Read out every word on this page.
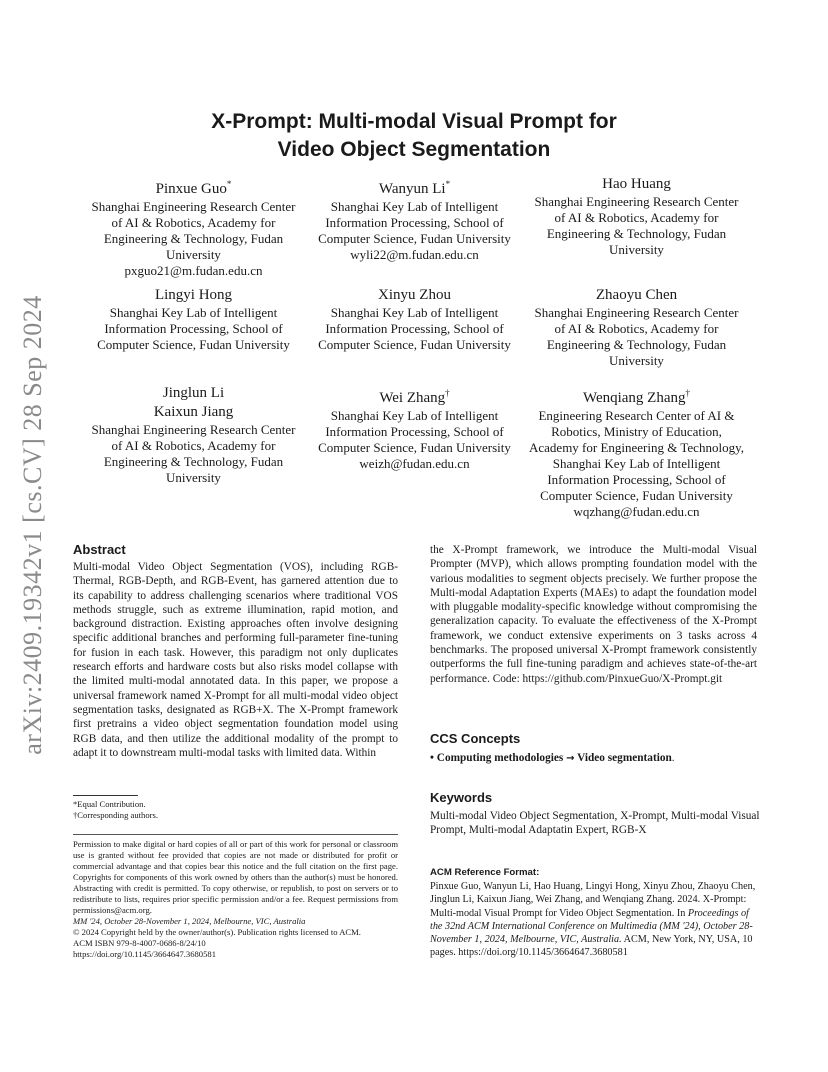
arXiv:2409.19342v1 [cs.CV] 28 Sep 2024
X-Prompt: Multi-modal Visual Prompt for
Video Object Segmentation
Pinxue Guo*
Shanghai Engineering Research Center of AI & Robotics, Academy for Engineering & Technology, Fudan University
pxguo21@m.fudan.edu.cn
Wanyun Li*
Shanghai Key Lab of Intelligent Information Processing, School of Computer Science, Fudan University
wyli22@m.fudan.edu.cn
Hao Huang
Shanghai Engineering Research Center of AI & Robotics, Academy for Engineering & Technology, Fudan University
Lingyi Hong
Shanghai Key Lab of Intelligent Information Processing, School of Computer Science, Fudan University
Xinyu Zhou
Shanghai Key Lab of Intelligent Information Processing, School of Computer Science, Fudan University
Zhaoyu Chen
Shanghai Engineering Research Center of AI & Robotics, Academy for Engineering & Technology, Fudan University
Jinglun Li
Kaixun Jiang
Shanghai Engineering Research Center of AI & Robotics, Academy for Engineering & Technology, Fudan University
Wei Zhang†
Shanghai Key Lab of Intelligent Information Processing, School of Computer Science, Fudan University
weizh@fudan.edu.cn
Wenqiang Zhang†
Engineering Research Center of AI & Robotics, Ministry of Education, Academy for Engineering & Technology, Shanghai Key Lab of Intelligent Information Processing, School of Computer Science, Fudan University
wqzhang@fudan.edu.cn
Abstract
Multi-modal Video Object Segmentation (VOS), including RGB-Thermal, RGB-Depth, and RGB-Event, has garnered attention due to its capability to address challenging scenarios where traditional VOS methods struggle, such as extreme illumination, rapid motion, and background distraction. Existing approaches often involve designing specific additional branches and performing full-parameter fine-tuning for fusion in each task. However, this paradigm not only duplicates research efforts and hardware costs but also risks model collapse with the limited multi-modal annotated data. In this paper, we propose a universal framework named X-Prompt for all multi-modal video object segmentation tasks, designated as RGB+X. The X-Prompt framework first pretrains a video object segmentation foundation model using RGB data, and then utilize the additional modality of the prompt to adapt it to downstream multi-modal tasks with limited data. Within
the X-Prompt framework, we introduce the Multi-modal Visual Prompter (MVP), which allows prompting foundation model with the various modalities to segment objects precisely. We further propose the Multi-modal Adaptation Experts (MAEs) to adapt the foundation model with pluggable modality-specific knowledge without compromising the generalization capacity. To evaluate the effectiveness of the X-Prompt framework, we conduct extensive experiments on 3 tasks across 4 benchmarks. The proposed universal X-Prompt framework consistently outperforms the full fine-tuning paradigm and achieves state-of-the-art performance. Code: https://github.com/PinxueGuo/X-Prompt.git
CCS Concepts
• Computing methodologies → Video segmentation.
Keywords
Multi-modal Video Object Segmentation, X-Prompt, Multi-modal Visual Prompt, Multi-modal Adaptatin Expert, RGB-X
*Equal Contribution.
†Corresponding authors.
Permission to make digital or hard copies of all or part of this work for personal or classroom use is granted without fee provided that copies are not made or distributed for profit or commercial advantage and that copies bear this notice and the full citation on the first page. Copyrights for components of this work owned by others than the author(s) must be honored. Abstracting with credit is permitted. To copy otherwise, or republish, to post on servers or to redistribute to lists, requires prior specific permission and/or a fee. Request permissions from permissions@acm.org.
MM '24, October 28-November 1, 2024, Melbourne, VIC, Australia
© 2024 Copyright held by the owner/author(s). Publication rights licensed to ACM.
ACM ISBN 979-8-4007-0686-8/24/10
https://doi.org/10.1145/3664647.3680581
ACM Reference Format:
Pinxue Guo, Wanyun Li, Hao Huang, Lingyi Hong, Xinyu Zhou, Zhaoyu Chen, Jinglun Li, Kaixun Jiang, Wei Zhang, and Wenqiang Zhang. 2024. X-Prompt: Multi-modal Visual Prompt for Video Object Segmentation. In Proceedings of the 32nd ACM International Conference on Multimedia (MM '24), October 28-November 1, 2024, Melbourne, VIC, Australia. ACM, New York, NY, USA, 10 pages. https://doi.org/10.1145/3664647.3680581
